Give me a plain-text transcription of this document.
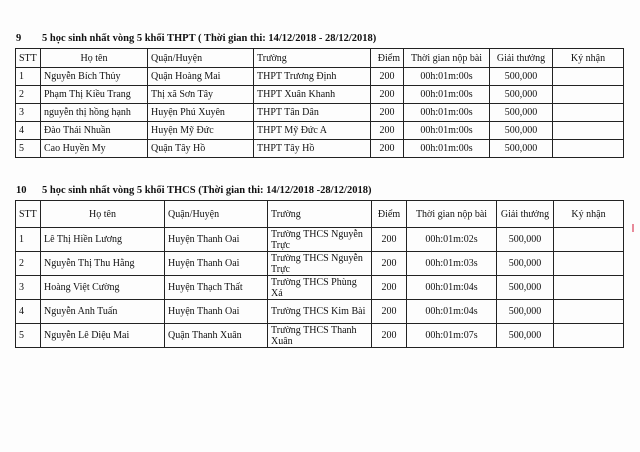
9 5 học sinh nhất vòng 5 khối THPT ( Thời gian thi: 14/12/2018 - 28/12/2018)
STT	Họ tên	Quận/Huyện	Trường	Điểm	Thời gian nộp bài	Giải thưởng	Ký nhận
1	Nguyễn Bích Thủy	Quận Hoàng Mai	THPT Trương Định	200	00h:01m:00s	500,000	
2	Phạm Thị Kiều Trang	Thị xã Sơn Tây	THPT Xuân Khanh	200	00h:01m:00s	500,000	
3	nguyễn thị hồng hạnh	Huyện Phú Xuyên	THPT Tân Dân	200	00h:01m:00s	500,000	
4	Đào Thái Nhuần	Huyện Mỹ Đức	THPT Mỹ Đức A	200	00h:01m:00s	500,000	
5	Cao Huyền My	Quận Tây Hồ	THPT Tây Hồ	200	00h:01m:00s	500,000	
10 5 học sinh nhất vòng 5 khối THCS (Thời gian thi: 14/12/2018 -28/12/2018)
STT	Họ tên	Quận/Huyện	Trường	Điểm	Thời gian nộp bài	Giải thưởng	Ký nhận
1	Lê Thị Hiền Lương	Huyện Thanh Oai	Trường THCS Nguyễn Trực	200	00h:01m:02s	500,000	
2	Nguyễn Thị Thu Hằng	Huyện Thanh Oai	Trường THCS Nguyễn Trực	200	00h:01m:03s	500,000	
3	Hoàng Việt Cường	Huyện Thạch Thất	Trường THCS Phùng Xá	200	00h:01m:04s	500,000	
4	Nguyễn Anh Tuấn	Huyện Thanh Oai	Trường THCS Kim Bài	200	00h:01m:04s	500,000	
5	Nguyễn Lê Diệu Mai	Quận Thanh Xuân	Trường THCS Thanh Xuân	200	00h:01m:07s	500,000	
